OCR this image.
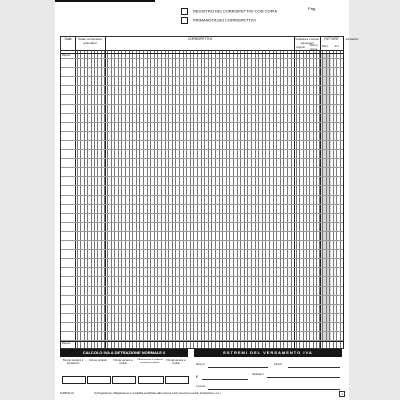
REGISTRO DEI CORRISPETTIVI CON COPIA
PRIMANOTA DEI CORRISPETTIVI
Pag.
Data	Totale corrispettivi giornalieri
CORRISPETTIVI	Ventilazione e ritenuta agli acquisti
Importo
Titolo e norma
FATTURE
Dal n.	Al n.
Annotazioni
Riporto
Riporto
CALCOLO IVA A DETRAZIONE NORMALE €	ESTREMI DEL VERSAMENTO IVA
IVA per cessioni e prestazioni
IVA per acquisti	IVA da versare a credito
IVA da versare a credito di periodo precedente
IVA da versare a credito	Mese di	Importo
effettuato il
€
a mezzo
DU8015C.2a	(1) Registrazione obbligatoria per le contabilità semplificate dalle imprese minori (esenzione periodi, dichiarazione, ecc.)	1
